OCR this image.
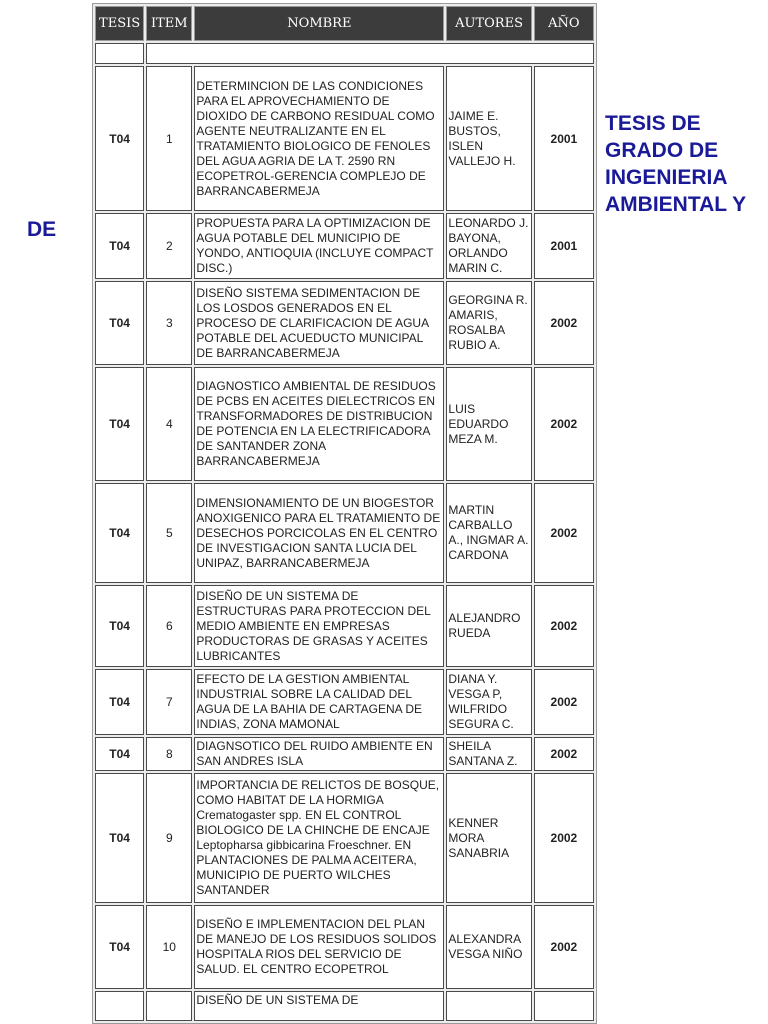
TESIS DE
GRADO DE
INGENIERIA
AMBIENTAL Y
DE
TESIS	ITEM	NOMBRE	AUTORES	AÑO

T04	1	DETERMINCION DE LAS CONDICIONES PARA EL APROVECHAMIENTO DE DIOXIDO DE CARBONO RESIDUAL COMO AGENTE NEUTRALIZANTE EN EL TRATAMIENTO BIOLOGICO DE FENOLES DEL AGUA AGRIA DE LA T. 2590 RN ECOPETROL-GERENCIA COMPLEJO DE BARRANCABERMEJA	JAIME E. BUSTOS, ISLEN VALLEJO H.	2001
T04	2	PROPUESTA PARA LA OPTIMIZACION DE AGUA POTABLE DEL MUNICIPIO DE YONDO, ANTIOQUIA (INCLUYE COMPACT DISC.)	LEONARDO J. BAYONA, ORLANDO MARIN C.	2001
T04	3	DISEÑO SISTEMA SEDIMENTACION DE LOS LOSDOS GENERADOS EN EL PROCESO DE CLARIFICACION DE AGUA POTABLE DEL ACUEDUCTO MUNICIPAL DE BARRANCABERMEJA	GEORGINA R. AMARIS, ROSALBA RUBIO A.	2002
T04	4	DIAGNOSTICO AMBIENTAL DE RESIDUOS DE PCBS EN ACEITES DIELECTRICOS EN TRANSFORMADORES DE DISTRIBUCION DE POTENCIA EN LA ELECTRIFICADORA DE SANTANDER ZONA BARRANCABERMEJA	LUIS EDUARDO MEZA M.	2002
T04	5	DIMENSIONAMIENTO DE UN BIOGESTOR ANOXIGENICO PARA EL TRATAMIENTO DE DESECHOS PORCICOLAS EN EL CENTRO DE INVESTIGACION SANTA LUCIA DEL UNIPAZ, BARRANCABERMEJA	MARTIN CARBALLO A., INGMAR A. CARDONA	2002
T04	6	DISEÑO DE UN SISTEMA DE ESTRUCTURAS PARA PROTECCION DEL MEDIO AMBIENTE EN EMPRESAS PRODUCTORAS DE GRASAS Y ACEITES LUBRICANTES	ALEJANDRO RUEDA	2002
T04	7	EFECTO DE LA GESTION AMBIENTAL INDUSTRIAL SOBRE LA CALIDAD DEL AGUA DE LA BAHIA DE CARTAGENA DE INDIAS, ZONA MAMONAL	DIANA Y. VESGA P, WILFRIDO SEGURA C.	2002
T04	8	DIAGNSOTICO DEL RUIDO AMBIENTE EN SAN ANDRES ISLA	SHEILA SANTANA Z.	2002
T04	9	IMPORTANCIA DE RELICTOS DE BOSQUE, COMO HABITAT DE LA HORMIGA Crematogaster spp. EN EL CONTROL BIOLOGICO DE LA CHINCHE DE ENCAJE Leptopharsa gibbicarina Froeschner. EN PLANTACIONES DE PALMA ACEITERA, MUNICIPIO DE PUERTO WILCHES SANTANDER	KENNER MORA SANABRIA	2002
T04	10	DISEÑO E IMPLEMENTACION DEL PLAN DE MANEJO DE LOS RESIDUOS SOLIDOS HOSPITALA RIOS DEL SERVICIO DE SALUD. EL CENTRO ECOPETROL	ALEXANDRA VESGA NIÑO	2002
		DISEÑO DE UN SISTEMA DE		
